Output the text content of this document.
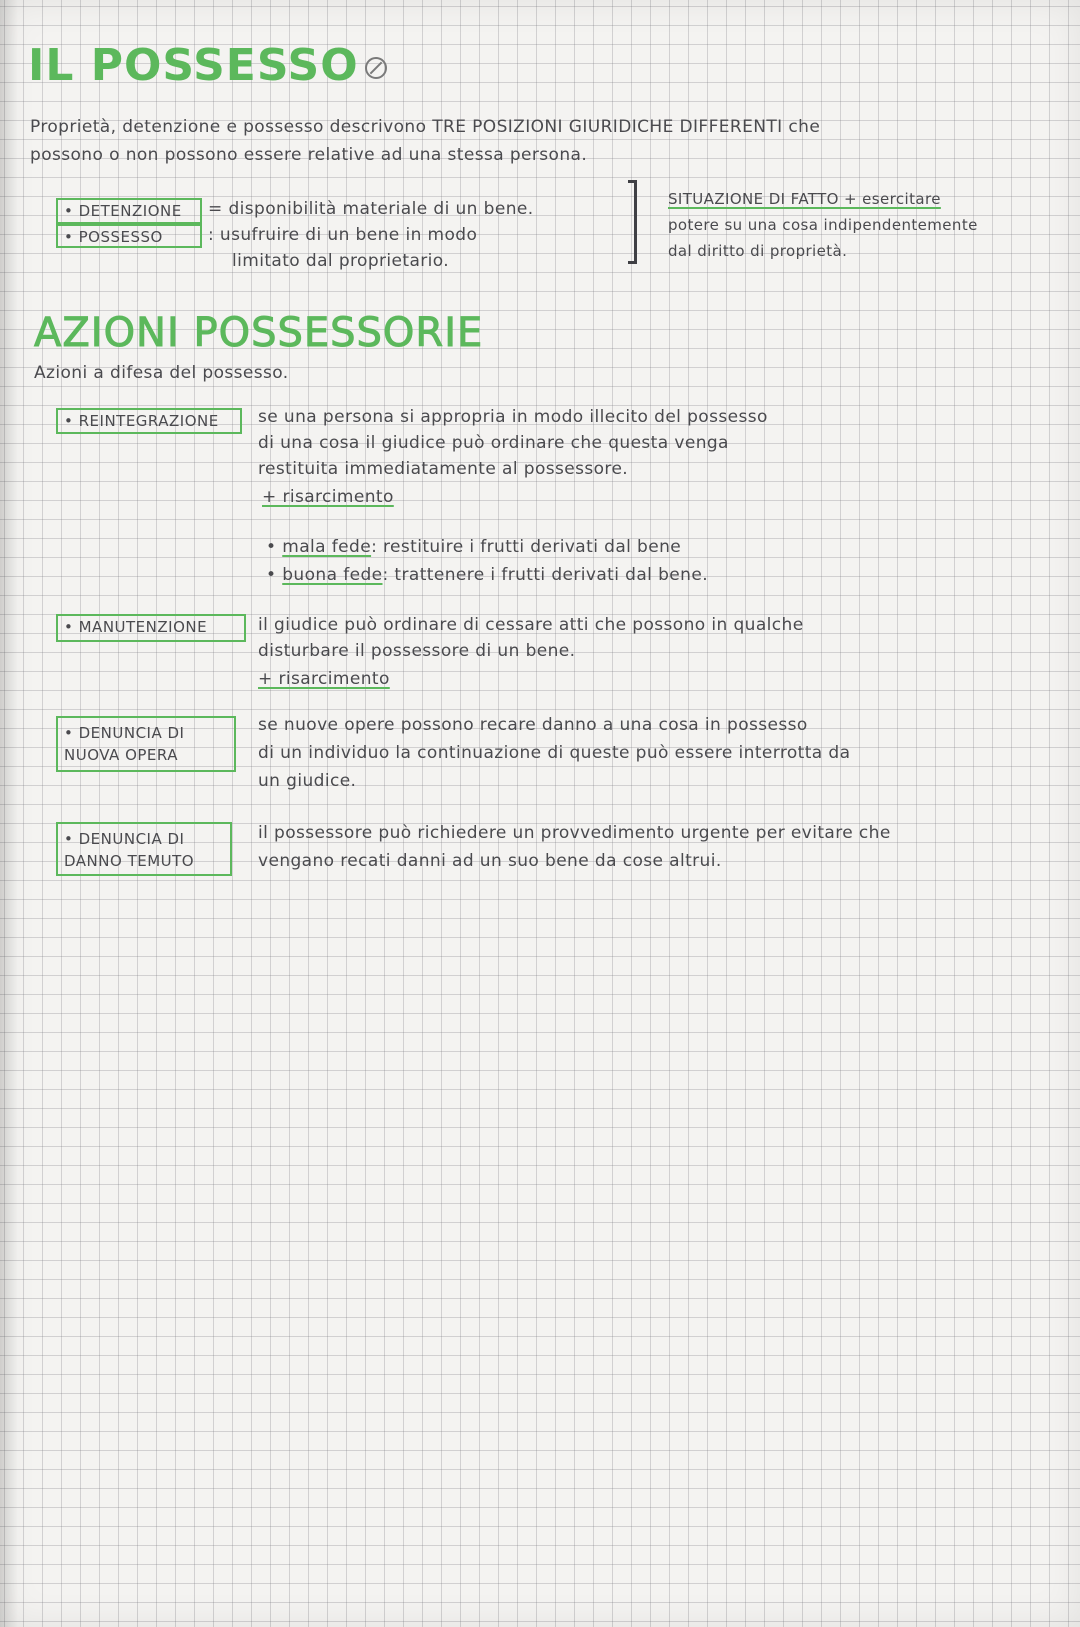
IL POSSESSO
Proprietà, detenzione e possesso descrivono TRE POSIZIONI GIURIDICHE DIFFERENTI che
possono o non possono essere relative ad una stessa persona.
• DETENZIONE
• POSSESSO
= disponibilità materiale di un bene.
: usufruire di un bene in modo
limitato dal proprietario.
SITUAZIONE DI FATTO + esercitare
potere su una cosa indipendentemente
dal diritto di proprietà.
AZIONI POSSESSORIE
Azioni a difesa del possesso.
• REINTEGRAZIONE	se una persona si appropria in modo illecito del possesso
di una cosa il giudice può ordinare che questa venga
restituita immediatamente al possessore.
+ risarcimento
• mala fede: restituire i frutti derivati dal bene
• buona fede: trattenere i frutti derivati dal bene.
• MANUTENZIONE	il giudice può ordinare di cessare atti che possono in qualche
disturbare il possessore di un bene.
+ risarcimento
• DENUNCIA DI NUOVA OPERA
se nuove opere possono recare danno a una cosa in possesso
di un individuo la continuazione di queste può essere interrotta da
un giudice.
• DENUNCIA DI DANNO TEMUTO
il possessore può richiedere un provvedimento urgente per evitare che
vengano recati danni ad un suo bene da cose altrui.
